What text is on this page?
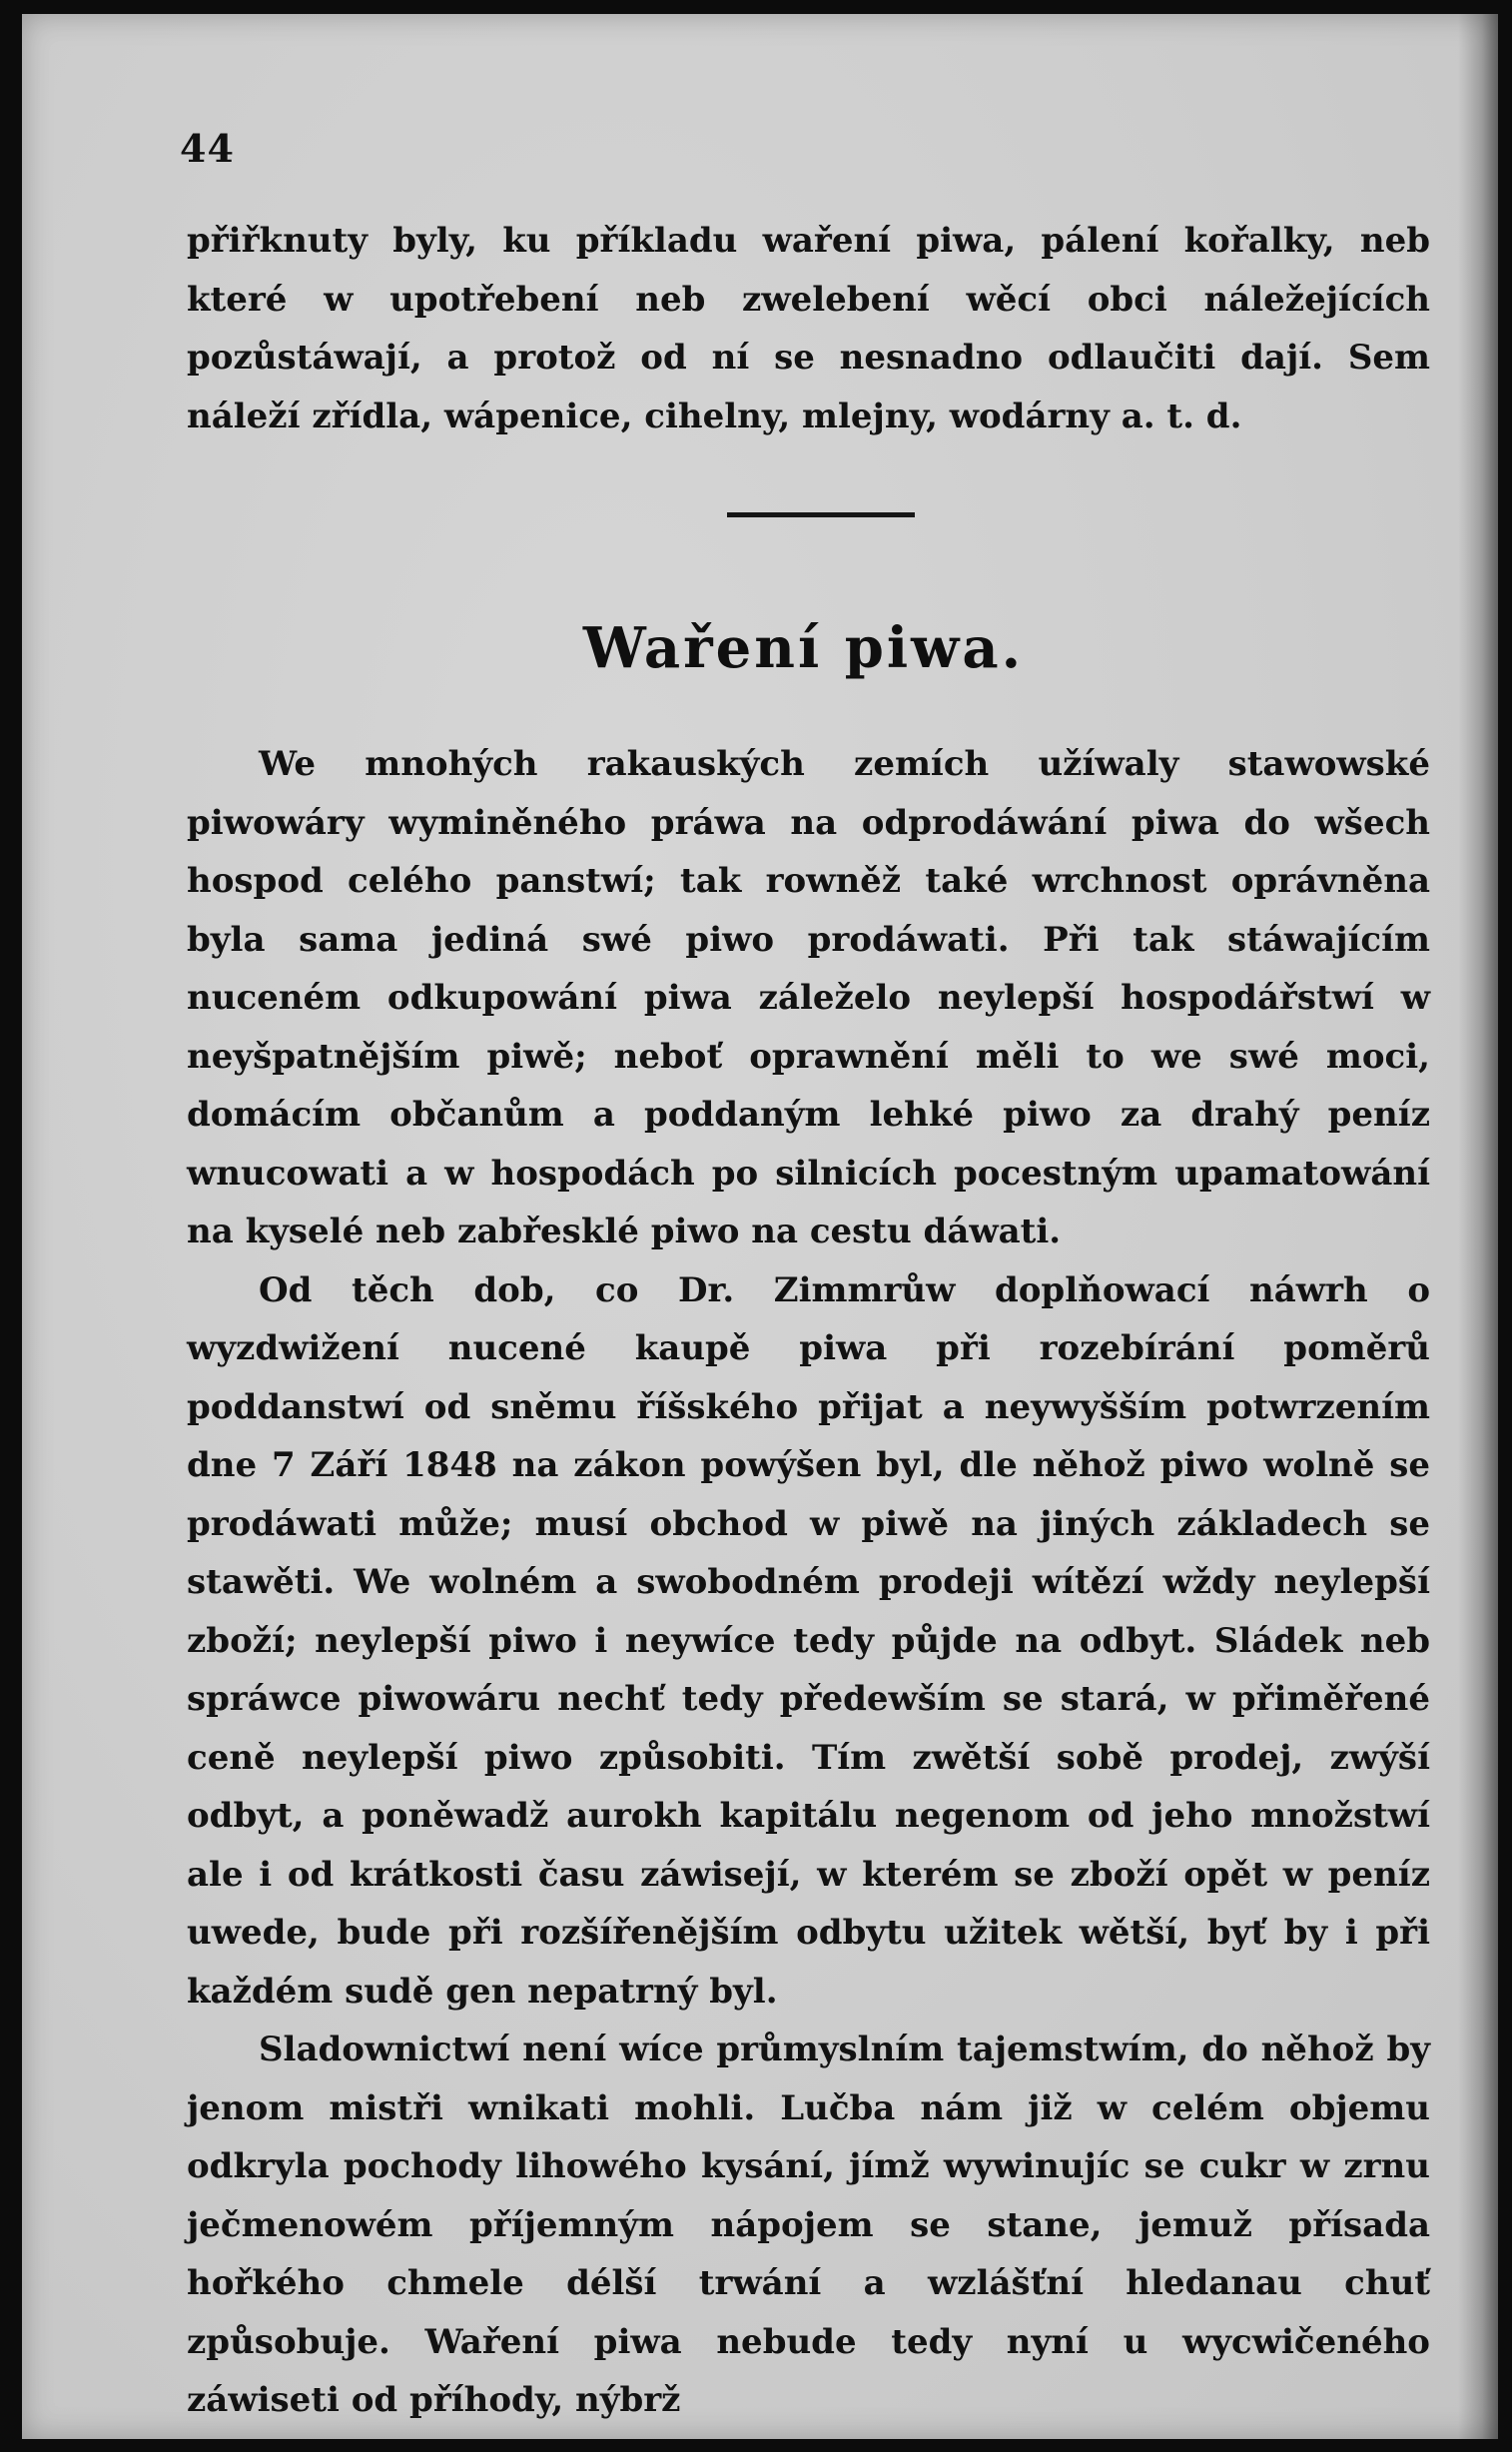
44

přiřknuty byly, ku příkladu waření piwa, pálení kořalky, neb které w upotřebení neb zwelebení wěcí obci náležejících pozůstáwají, a protož od ní se nesnadno odlaučiti dají. Sem náleží zřídla, wápenice, cihelny, mlejny, wodárny a. t. d.

Waření piwa.

We mnohých rakauských zemích užíwaly stawowské piwowáry wyminěného práwa na odprodáwání piwa do wšech hospod celého panstwí; tak rowněž také wrchnost oprávněna byla sama jediná swé piwo prodáwati. Při tak stáwajícím nuceném odkupowání piwa záleželo neylepší hospodářstwí w neyšpatnějším piwě; neboť oprawnění měli to we swé moci, domácím občanům a poddaným lehké piwo za drahý peníz wnucowati a w hospodách po silnicích pocestným upamatowání na kyselé neb zabřesklé piwo na cestu dáwati.

Od těch dob, co Dr. Zimmrůw doplňowací náwrh o wyzdwižení nucené kaupě piwa při rozebírání poměrů poddanstwí od sněmu říšského přijat a neywyšším potwrzením dne 7 Září 1848 na zákon powýšen byl, dle něhož piwo wolně se prodáwati může; musí obchod w piwě na jiných základech se stawěti. We wolném a swobodném prodeji wítězí wždy neylepší zboží; neylepší piwo i neywíce tedy půjde na odbyt. Sládek neb spráwce piwowáru nechť tedy předewším se stará, w přiměřené ceně neylepší piwo způsobiti. Tím zwětší sobě prodej, zwýší odbyt, a poněwadž aurokh kapitálu negenom od jeho množstwí ale i od krátkosti času záwisejí, w kterém se zboží opět w peníz uwede, bude při rozšířenějším odbytu užitek wětší, byť by i při každém sudě gen nepatrný byl.

Sladownictwí není wíce průmyslním tajemstwím, do něhož by jenom mistři wnikati mohli. Lučba nám již w celém objemu odkryla pochody lihowého kysání, jímž wywinujíc se cukr w zrnu ječmenowém příjemným nápojem se stane, jemuž přísada hořkého chmele délší trwání a wzlášťní hledanau chuť způsobuje. Waření piwa nebude tedy nyní u wycwičeného záwiseti od příhody, nýbrž
